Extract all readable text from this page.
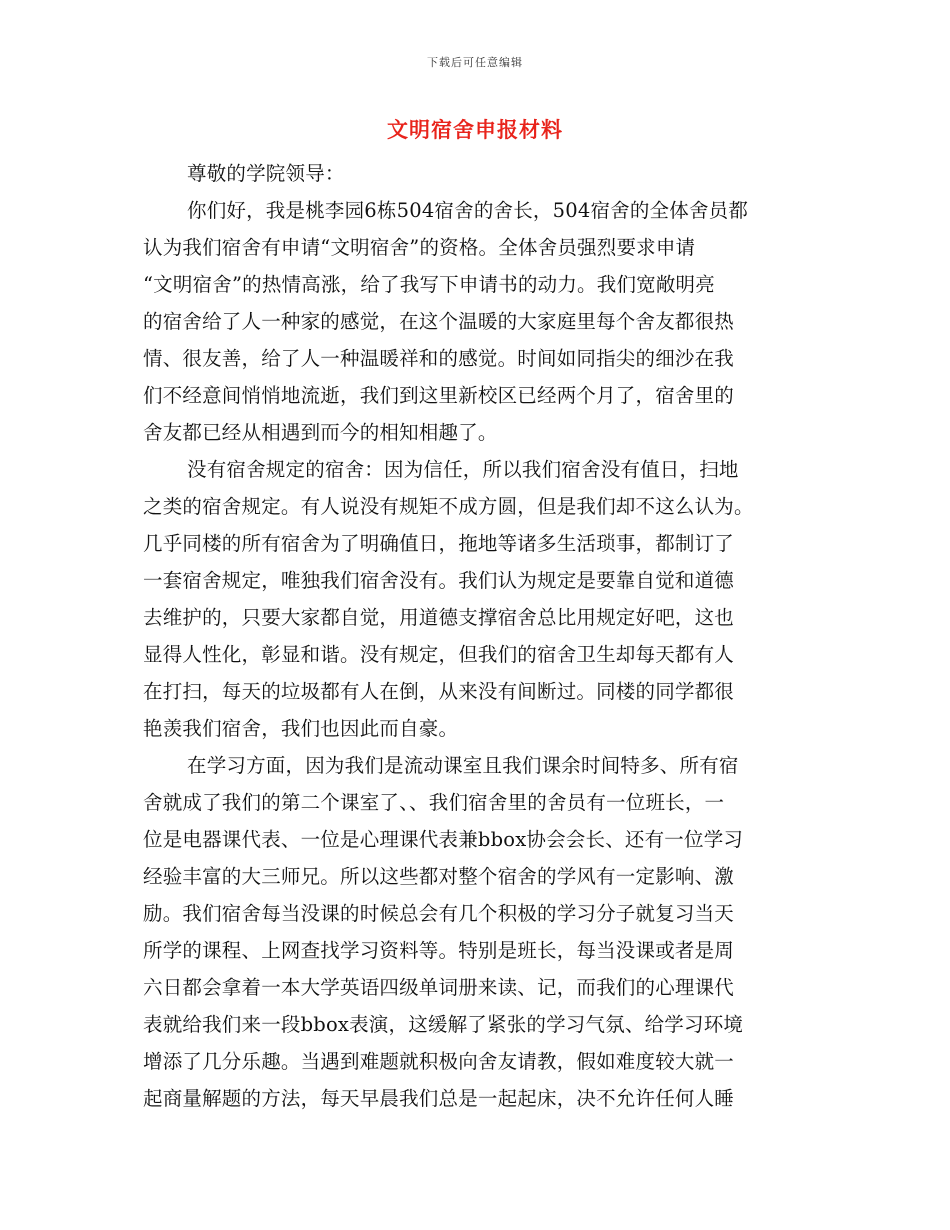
下载后可任意编辑
文明宿舍申报材料
尊敬的学院领导：
你们好，我是桃李园6栋504宿舍的舍长，504宿舍的全体舍员都
认为我们宿舍有申请“文明宿舍”的资格。全体舍员强烈要求申请
“文明宿舍”的热情高涨，给了我写下申请书的动力。我们宽敞明亮
的宿舍给了人一种家的感觉，在这个温暖的大家庭里每个舍友都很热
情、很友善，给了人一种温暖祥和的感觉。时间如同指尖的细沙在我
们不经意间悄悄地流逝，我们到这里新校区已经两个月了，宿舍里的
舍友都已经从相遇到而今的相知相趣了。
没有宿舍规定的宿舍：因为信任，所以我们宿舍没有值日，扫地
之类的宿舍规定。有人说没有规矩不成方圆，但是我们却不这么认为。
几乎同楼的所有宿舍为了明确值日，拖地等诸多生活琐事，都制订了
一套宿舍规定，唯独我们宿舍没有。我们认为规定是要靠自觉和道德
去维护的，只要大家都自觉，用道德支撑宿舍总比用规定好吧，这也
显得人性化，彰显和谐。没有规定，但我们的宿舍卫生却每天都有人
在打扫，每天的垃圾都有人在倒，从来没有间断过。同楼的同学都很
艳羡我们宿舍，我们也因此而自豪。
在学习方面，因为我们是流动课室且我们课余时间特多、所有宿
舍就成了我们的第二个课室了、、我们宿舍里的舍员有一位班长，一
位是电器课代表、一位是心理课代表兼bbox协会会长、还有一位学习
经验丰富的大三师兄。所以这些都对整个宿舍的学风有一定影响、激
励。我们宿舍每当没课的时候总会有几个积极的学习分子就复习当天
所学的课程、上网查找学习资料等。特别是班长，每当没课或者是周
六日都会拿着一本大学英语四级单词册来读、记，而我们的心理课代
表就给我们来一段bbox表演，这缓解了紧张的学习气氛、给学习环境
增添了几分乐趣。当遇到难题就积极向舍友请教，假如难度较大就一
起商量解题的方法，每天早晨我们总是一起起床，决不允许任何人睡
